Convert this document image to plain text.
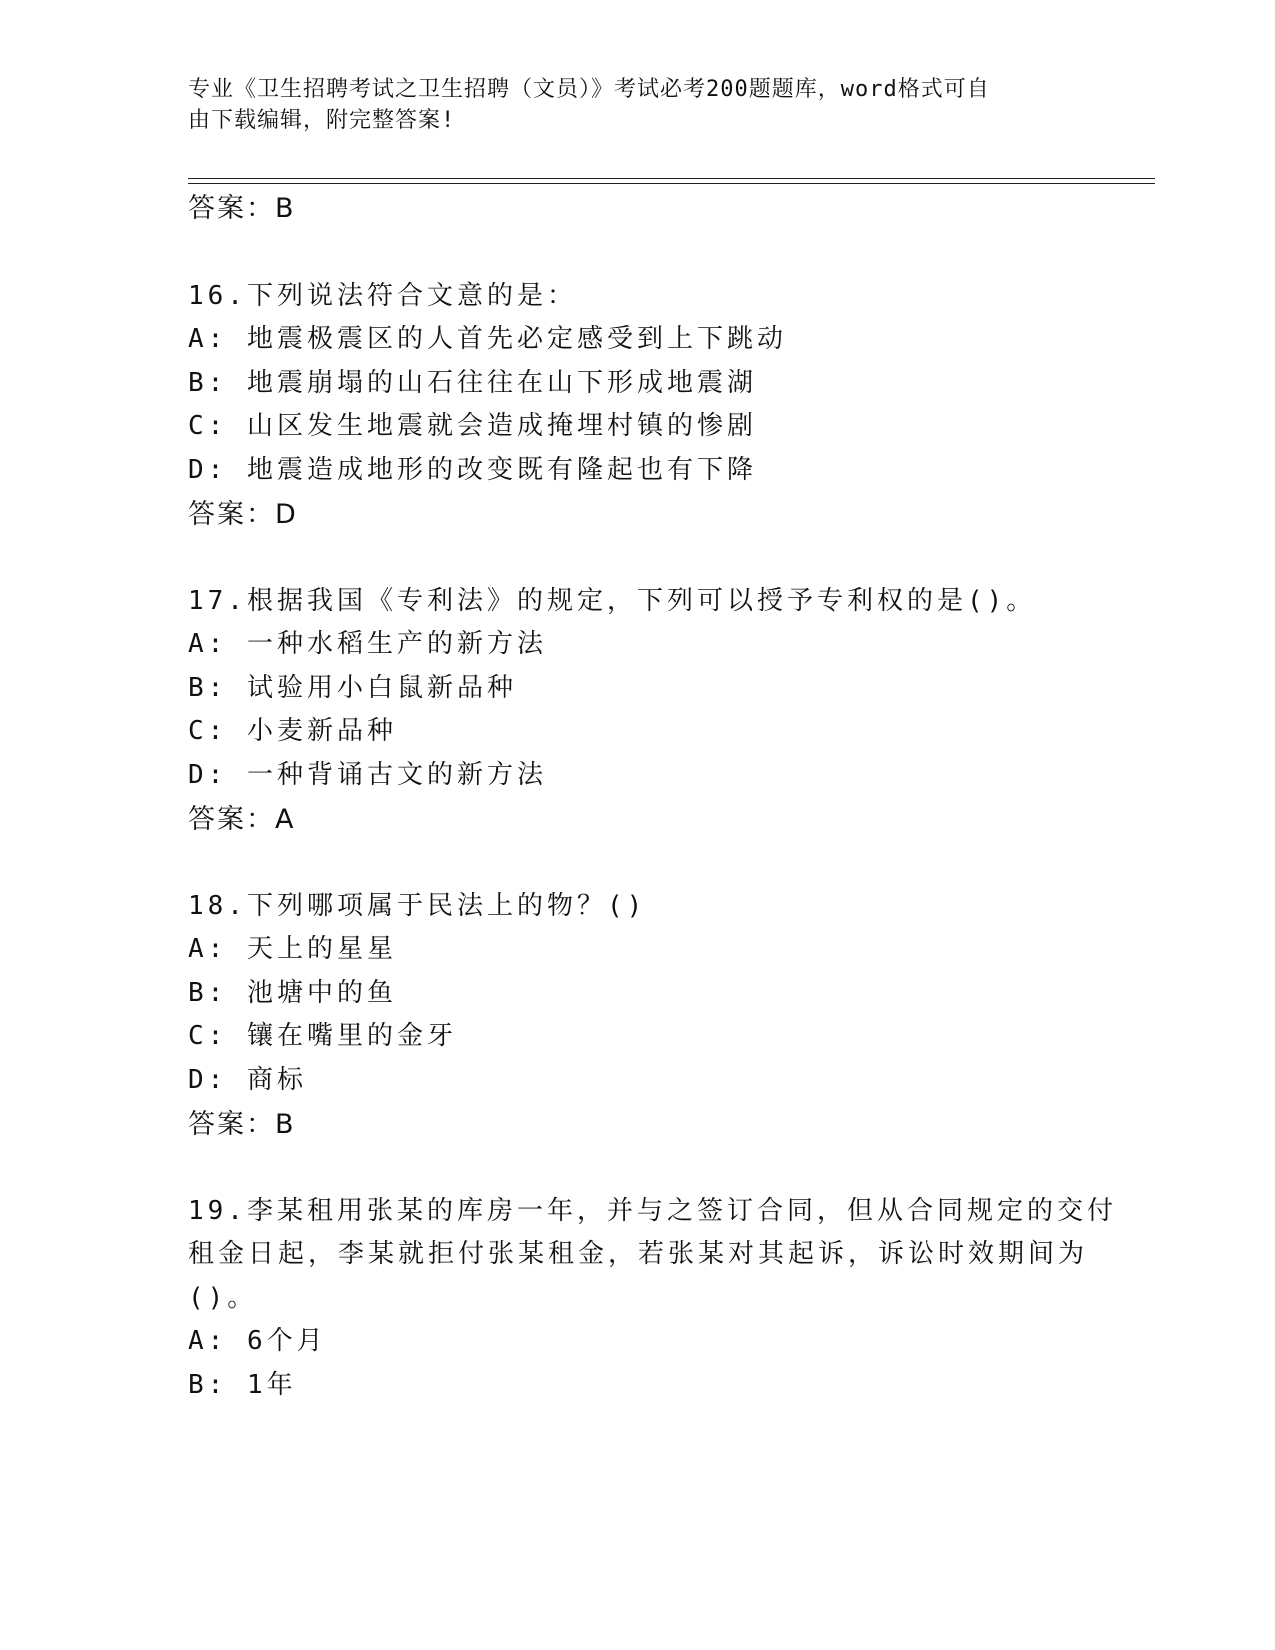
专业《卫生招聘考试之卫生招聘（文员）》考试必考200题题库，word格式可自
由下载编辑，附完整答案!
答案：B
16.下列说法符合文意的是：
A: 地震极震区的人首先必定感受到上下跳动
B: 地震崩塌的山石往往在山下形成地震湖
C: 山区发生地震就会造成掩埋村镇的惨剧
D: 地震造成地形的改变既有隆起也有下降
答案：D
17.根据我国《专利法》的规定，下列可以授予专利权的是()。
A: 一种水稻生产的新方法
B: 试验用小白鼠新品种
C: 小麦新品种
D: 一种背诵古文的新方法
答案：A
18.下列哪项属于民法上的物？()
A: 天上的星星
B: 池塘中的鱼
C: 镶在嘴里的金牙
D: 商标
答案：B
19.李某租用张某的库房一年，并与之签订合同，但从合同规定的交付
租金日起，李某就拒付张某租金，若张某对其起诉，诉讼时效期间为
()。
A: 6个月
B: 1年
